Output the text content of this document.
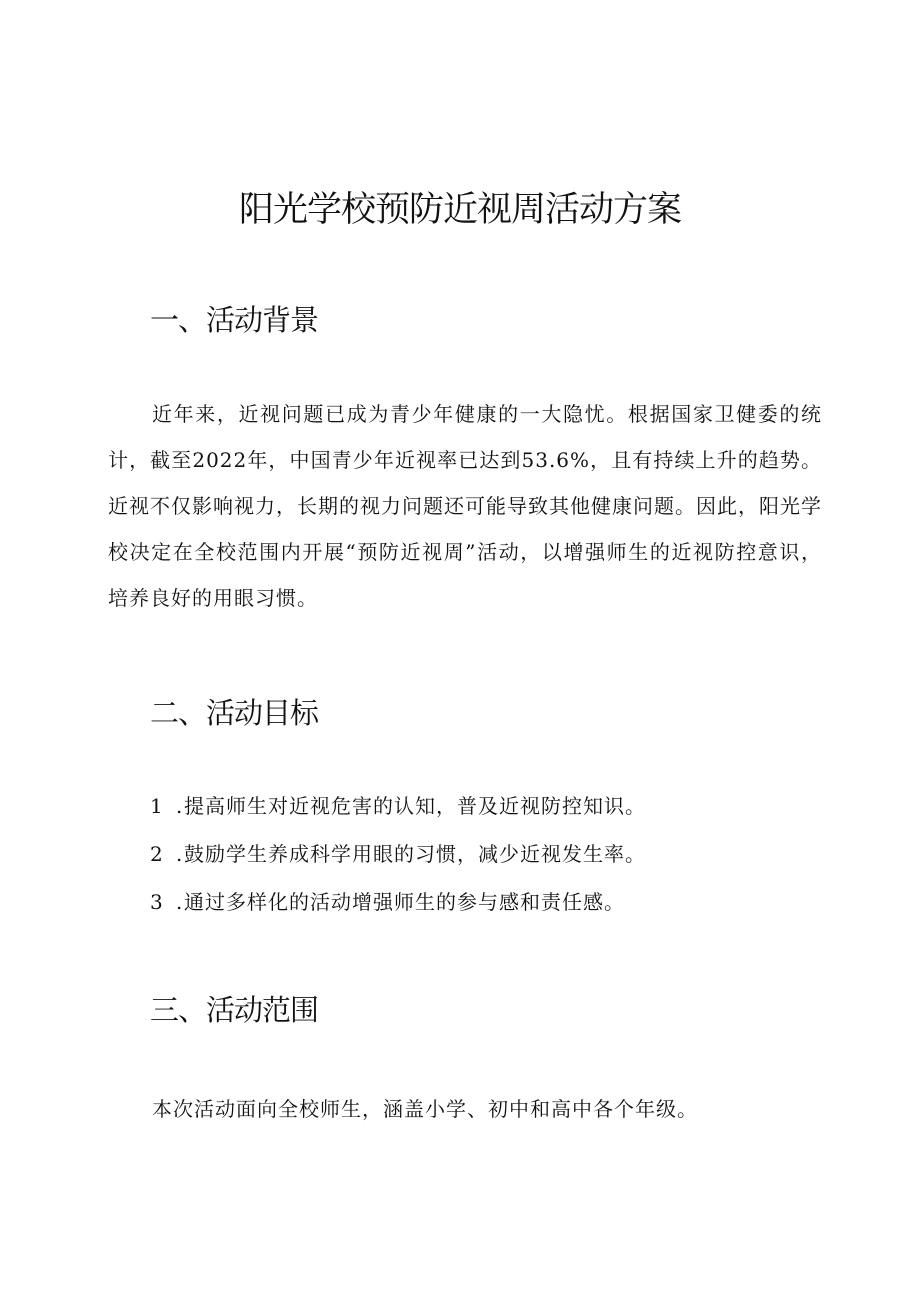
阳光学校预防近视周活动方案
一、活动背景

近年来，近视问题已成为青少年健康的一大隐忧。根据国家卫健委的统计，截至2022年，中国青少年近视率已达到53.6%，且有持续上升的趋势。近视不仅影响视力，长期的视力问题还可能导致其他健康问题。因此，阳光学校决定在全校范围内开展“预防近视周”活动，以增强师生的近视防控意识，培养良好的用眼习惯。

二、活动目标
1 .提高师生对近视危害的认知，普及近视防控知识。
2 .鼓励学生养成科学用眼的习惯，减少近视发生率。
3 .通过多样化的活动增强师生的参与感和责任感。
三、活动范围

本次活动面向全校师生，涵盖小学、初中和高中各个年级。
